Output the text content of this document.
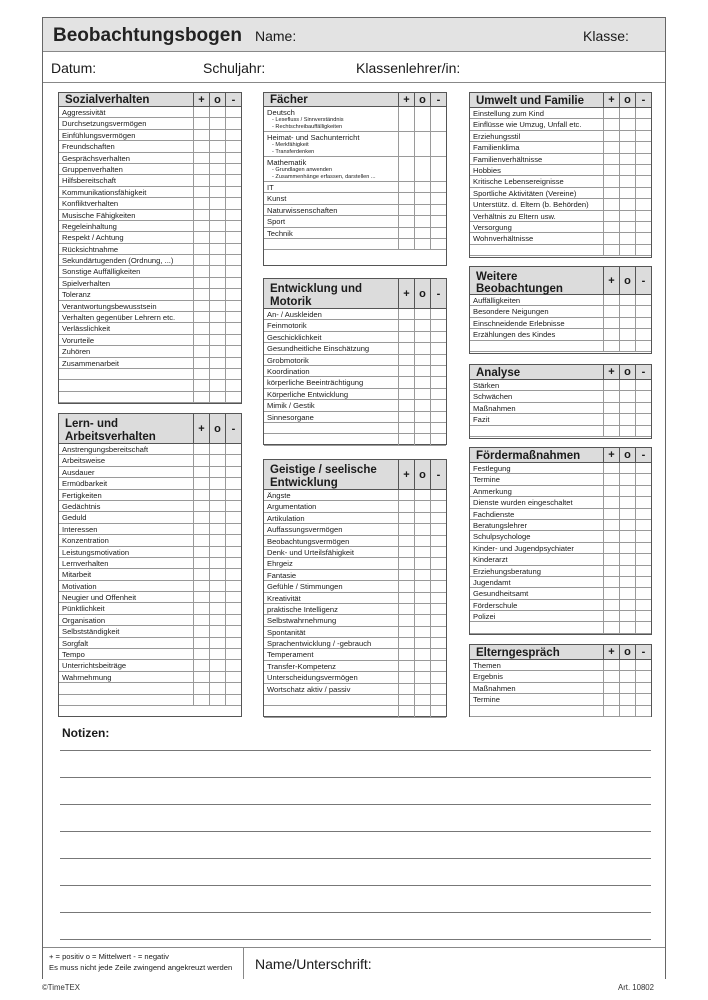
Beobachtungsbogen Name:	Klasse:
Datum:	Schuljahr:	Klassenlehrer/in:
Notizen:
+ = positiv o = Mittelwert - = negativ
Es muss nicht jede Zeile zwingend angekreuzt werden Name/Unterschrift:
Sozialverhalten	+ o -
Aggressivität
Durchsetzungsvermögen
Einfühlungsvermögen
Freundschaften
Gesprächsverhalten
Gruppenverhalten
Hilfsbereitschaft
Kommunikationsfähigkeit
Konfliktverhalten
Musische Fähigkeiten
Regeleinhaltung
Respekt / Achtung
Rücksichtnahme
Sekundärtugenden (Ordnung, ...)
Sonstige Auffälligkeiten
Spielverhalten
Toleranz
Verantwortungsbewusstsein
Verhalten gegenüber Lehrern etc.
Verlässlichkeit
Vorurteile
Zuhören
Zusammenarbeit
Lern- und
Arbeitsverhalten
+ o -
Anstrengungsbereitschaft
Arbeitsweise
Ausdauer
Ermüdbarkeit
Fertigkeiten
Gedächtnis
Geduld
Interessen
Konzentration
Leistungsmotivation
Lernverhalten
Mitarbeit
Motivation
Neugier und Offenheit
Pünktlichkeit
Organisation
Selbstständigkeit
Sorgfalt
Tempo
Unterrichtsbeiträge
Wahrnehmung
Fächer	+ o -
Deutsch
- Lesefluss / Sinnverständnis
- Rechtschreibauffälligkeiten
Heimat- und Sachunterricht
- Merkfähigkeit
- Transferdenken
Mathematik
- Grundlagen anwenden
- Zusammenhänge erfassen, darstellen ...
IT
Kunst
Naturwissenschaften
Sport
Technik
Entwicklung und
Motorik
+ o -
An- / Auskleiden
Feinmotorik
Geschicklichkeit
Gesundheitliche Einschätzung
Grobmotorik
Koordination
körperliche Beeinträchtigung
Körperliche Entwicklung
Mimik / Gestik
Sinnesorgane
Geistige / seelische
Entwicklung
+ o -
Ängste
Argumentation
Artikulation
Auffassungsvermögen
Beobachtungsvermögen
Denk- und Urteilsfähigkeit
Ehrgeiz
Fantasie
Gefühle / Stimmungen
Kreativität
praktische Intelligenz
Selbstwahrnehmung
Spontanität
Sprachentwicklung / -gebrauch
Temperament
Transfer-Kompetenz
Unterscheidungsvermögen
Wortschatz aktiv / passiv
Umwelt und Familie	+ o -
Einstellung zum Kind
Einflüsse wie Umzug, Unfall etc.
Erziehungsstil
Familienklima
Familienverhältnisse
Hobbies
Kritische Lebensereignisse
Sportliche Aktivitäten (Vereine)
Unterstütz. d. Eltern (b. Behörden)
Verhältnis zu Eltern usw.
Versorgung
Wohnverhältnisse
Weitere
Beobachtungen
+ o -
Auffälligkeiten
Besondere Neigungen
Einschneidende Erlebnisse
Erzählungen des Kindes
Analyse	+ o -
Stärken
Schwächen
Maßnahmen
Fazit
Fördermaßnahmen	+ o -
Festlegung
Termine
Anmerkung
Dienste wurden eingeschaltet
Fachdienste
Beratungslehrer
Schulpsychologe
Kinder- und Jugendpsychiater
Kinderarzt
Erziehungsberatung
Jugendamt
Gesundheitsamt
Förderschule
Polizei
Elterngespräch	+ o -
Themen
Ergebnis
Maßnahmen
Termine
©TimeTEX	Art. 10802
